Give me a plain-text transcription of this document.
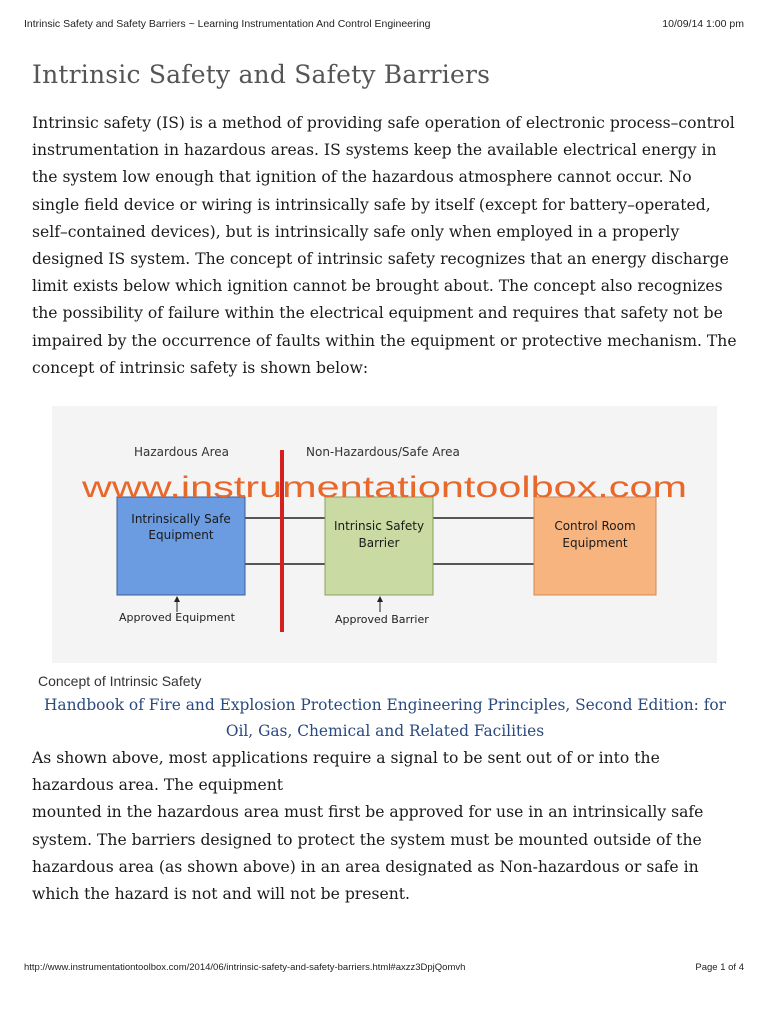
Intrinsic Safety and Safety Barriers ~ Learning Instrumentation And Control Engineering	10/09/14 1:00 pm
Intrinsic Safety and Safety Barriers

Intrinsic safety (IS) is a method of providing safe operation of electronic process–control instrumentation in hazardous areas. IS systems keep the available electrical energy in the system low enough that ignition of the hazardous atmosphere cannot occur. No single field device or wiring is intrinsically safe by itself (except for battery–operated, self–contained devices), but is intrinsically safe only when employed in a properly designed IS system. The concept of intrinsic safety recognizes that an energy discharge limit exists below which ignition cannot be brought about. The concept also recognizes the possibility of failure within the electrical equipment and requires that safety not be impaired by the occurrence of faults within the equipment or protective mechanism. The concept of intrinsic safety is shown below:

Hazardous Area	Non-Hazardous/Safe Area
Intrinsically Safe
Equipment
Intrinsic Safety
Barrier
Control Room
Equipment
www.instrumentationtoolbox.com
Approved Equipment	Approved Barrier
Concept of Intrinsic Safety
Handbook of Fire and Explosion Protection Engineering Principles, Second Edition: for Oil, Gas, Chemical and Related Facilities
As shown above, most applications require a signal to be sent out of or into the hazardous area. The equipment
mounted in the hazardous area must first be approved for use in an intrinsically safe system. The barriers designed to protect the system must be mounted outside of the hazardous area (as shown above) in an area designated as Non-hazardous or safe in which the hazard is not and will not be present.
http://www.instrumentationtoolbox.com/2014/06/intrinsic-safety-and-safety-barriers.html#axzz3DpjQomvh	Page 1 of 4
